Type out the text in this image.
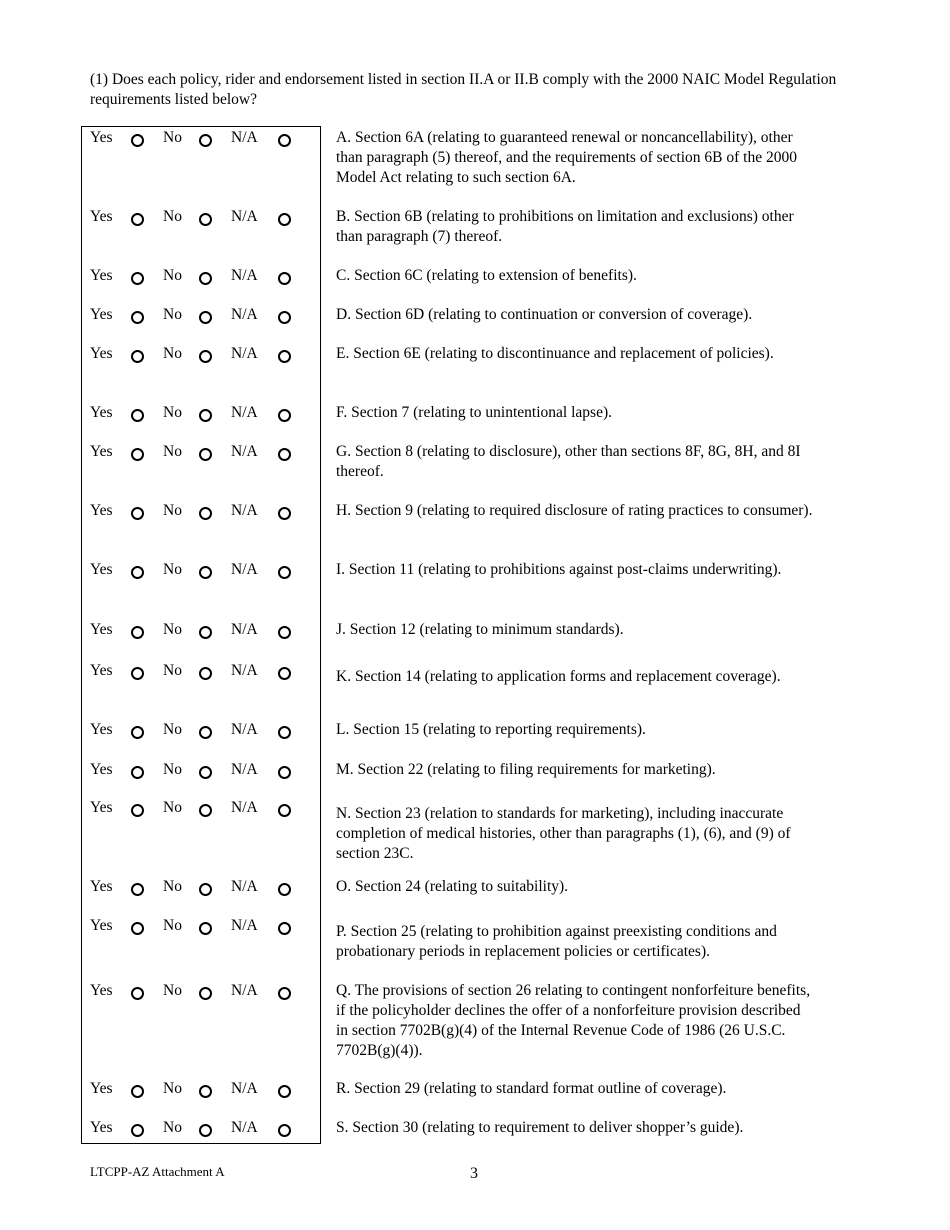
(1) Does each policy, rider and endorsement listed in section II.A or II.B comply with the 2000 NAIC Model Regulation requirements listed below?
Yes	No	N/A	A. Section 6A (relating to guaranteed renewal or noncancellability), other than paragraph (5) thereof, and the requirements of section 6B of the 2000 Model Act relating to such section 6A.
Yes	No	N/A	B. Section 6B (relating to prohibitions on limitation and exclusions) other than paragraph (7) thereof.
Yes	No	N/A	C. Section 6C (relating to extension of benefits).
Yes	No	N/A	D. Section 6D (relating to continuation or conversion of coverage).
Yes	No	N/A	E. Section 6E (relating to discontinuance and replacement of policies).
Yes	No	N/A	F. Section 7 (relating to unintentional lapse).
Yes	No	N/A	G. Section 8 (relating to disclosure), other than sections 8F, 8G, 8H, and 8I thereof.
Yes	No	N/A	H. Section 9 (relating to required disclosure of rating practices to consumer).
Yes	No	N/A	I. Section 11 (relating to prohibitions against post-claims underwriting).
Yes	No	N/A	J. Section 12 (relating to minimum standards).
Yes	No	N/A	K. Section 14 (relating to application forms and replacement coverage).
Yes	No	N/A	L. Section 15 (relating to reporting requirements).
Yes	No	N/A	M. Section 22 (relating to filing requirements for marketing).
Yes	No	N/A	N. Section 23 (relation to standards for marketing), including inaccurate completion of medical histories, other than paragraphs (1), (6), and (9) of section 23C.
Yes	No	N/A	O. Section 24 (relating to suitability).
Yes	No	N/A	P. Section 25 (relating to prohibition against preexisting conditions and probationary periods in replacement policies or certificates).
Yes	No	N/A	Q. The provisions of section 26 relating to contingent nonforfeiture benefits, if the policyholder declines the offer of a nonforfeiture provision described in section 7702B(g)(4) of the Internal Revenue Code of 1986 (26 U.S.C. 7702B(g)(4)).
Yes	No	N/A	R. Section 29 (relating to standard format outline of coverage).
Yes	No	N/A	S. Section 30 (relating to requirement to deliver shopper’s guide).
LTCPP-AZ Attachment A	3
